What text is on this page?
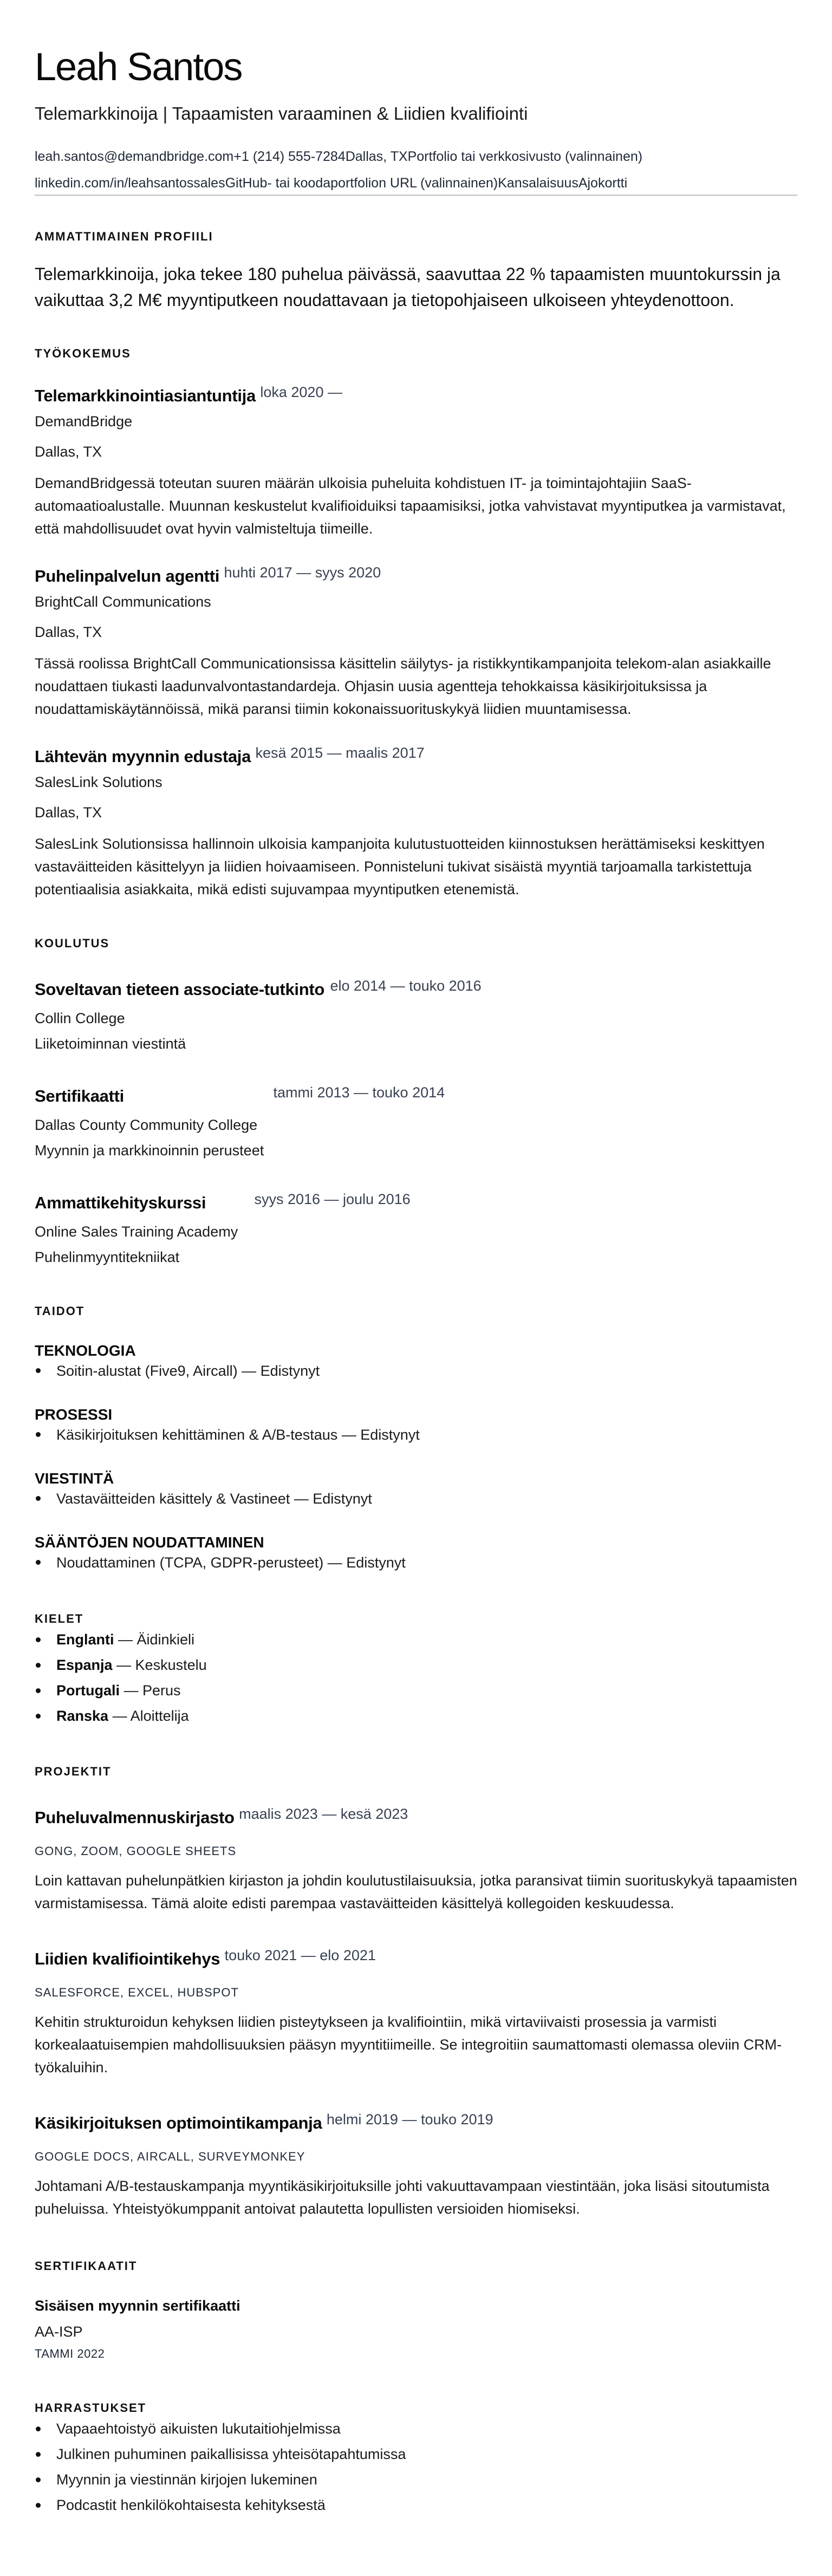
Leah Santos
Telemarkkinoija | Tapaamisten varaaminen & Liidien kvalifiointi
leah.santos@demandbridge.com+1 (214) 555-7284Dallas, TXPortfolio tai verkkosivusto (valinnainen)
linkedin.com/in/leahsantossalesGitHub- tai koodaportfolion URL (valinnainen)KansalaisuusAjokortti
AMMATTIMAINEN PROFIILI

Telemarkkinoija, joka tekee 180 puhelua päivässä, saavuttaa 22 % tapaamisten muuntokurssin ja vaikuttaa 3,2 M€ myyntiputkeen noudattavaan ja tietopohjaiseen ulkoiseen yhteydenottoon.

TYÖKOKEMUS
Telemarkkinointiasiantuntija loka 2020 —
DemandBridge
Dallas, TX
DemandBridgessä toteutan suuren määrän ulkoisia puheluita kohdistuen IT- ja toimintajohtajiin SaaS-automaatioalustalle. Muunnan keskustelut kvalifioiduiksi tapaamisiksi, jotka vahvistavat myyntiputkea ja varmistavat, että mahdollisuudet ovat hyvin valmisteltuja tiimeille.
Puhelinpalvelun agentti huhti 2017 — syys 2020
BrightCall Communications
Dallas, TX
Tässä roolissa BrightCall Communicationsissa käsittelin säilytys- ja ristikkyntikampanjoita telekom-alan asiakkaille noudattaen tiukasti laadunvalvontastandardeja. Ohjasin uusia agentteja tehokkaissa käsikirjoituksissa ja noudattamiskäytännöissä, mikä paransi tiimin kokonaissuorituskykyä liidien muuntamisessa.
Lähtevän myynnin edustaja kesä 2015 — maalis 2017
SalesLink Solutions
Dallas, TX
SalesLink Solutionsissa hallinnoin ulkoisia kampanjoita kulutustuotteiden kiinnostuksen herättämiseksi keskittyen vastaväitteiden käsittelyyn ja liidien hoivaamiseen. Ponnisteluni tukivat sisäistä myyntiä tarjoamalla tarkistettuja potentiaalisia asiakkaita, mikä edisti sujuvampaa myyntiputken etenemistä.
KOULUTUS
Soveltavan tieteen associate-tutkinto elo 2014 — touko 2016
Collin College
Liiketoiminnan viestintä
Sertifikaatti	tammi 2013 — touko 2014
Dallas County Community College
Myynnin ja markkinoinnin perusteet
Ammattikehityskurssi	syys 2016 — joulu 2016
Online Sales Training Academy
Puhelinmyyntitekniikat
TAIDOT
TEKNOLOGIA
Soitin-alustat (Five9, Aircall) — Edistynyt
PROSESSI
Käsikirjoituksen kehittäminen & A/B-testaus — Edistynyt
VIESTINTÄ
Vastaväitteiden käsittely & Vastineet — Edistynyt
SÄÄNTÖJEN NOUDATTAMINEN
Noudattaminen (TCPA, GDPR-perusteet) — Edistynyt
KIELET
Englanti — Äidinkieli
Espanja — Keskustelu
Portugali — Perus
Ranska — Aloittelija
PROJEKTIT
Puheluvalmennuskirjasto maalis 2023 — kesä 2023
GONG, ZOOM, GOOGLE SHEETS
Loin kattavan puhelunpätkien kirjaston ja johdin koulutustilaisuuksia, jotka paransivat tiimin suorituskykyä tapaamisten varmistamisessa. Tämä aloite edisti parempaa vastaväitteiden käsittelyä kollegoiden keskuudessa.
Liidien kvalifiointikehys touko 2021 — elo 2021
SALESFORCE, EXCEL, HUBSPOT
Kehitin strukturoidun kehyksen liidien pisteytykseen ja kvalifiointiin, mikä virtaviivaisti prosessia ja varmisti korkealaatuisempien mahdollisuuksien pääsyn myyntitiimeille. Se integroitiin saumattomasti olemassa oleviin CRM-työkaluihin.
Käsikirjoituksen optimointikampanja helmi 2019 — touko 2019
GOOGLE DOCS, AIRCALL, SURVEYMONKEY
Johtamani A/B-testauskampanja myyntikäsikirjoituksille johti vakuuttavampaan viestintään, joka lisäsi sitoutumista puheluissa. Yhteistyökumppanit antoivat palautetta lopullisten versioiden hiomiseksi.
SERTIFIKAATIT
Sisäisen myynnin sertifikaatti
AA-ISP
TAMMI 2022
HARRASTUKSET
Vapaaehtoistyö aikuisten lukutaitiohjelmissa
Julkinen puhuminen paikallisissa yhteisötapahtumissa
Myynnin ja viestinnän kirjojen lukeminen
Podcastit henkilökohtaisesta kehityksestä
